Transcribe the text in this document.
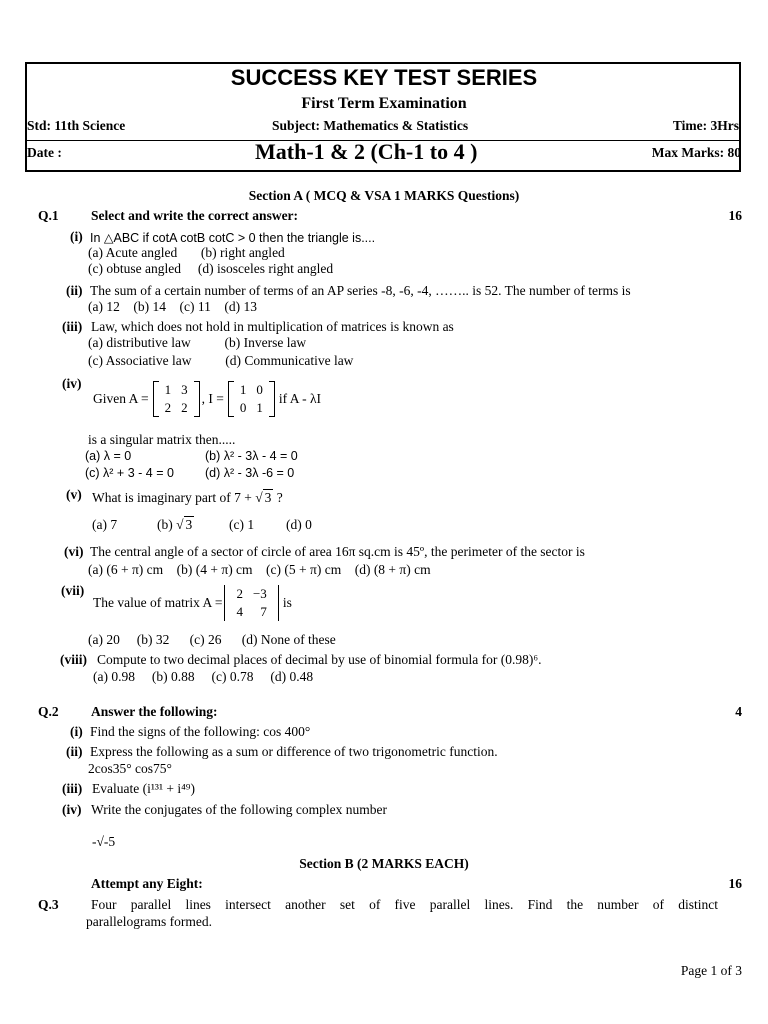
SUCCESS KEY TEST SERIES
First Term Examination
Std: 11th Science	Subject: Mathematics & Statistics	Time: 3Hrs
Date :	Math-1 & 2 (Ch-1 to 4 )	Max Marks: 80
Section A ( MCQ & VSA 1 MARKS Questions)
Q.1 Select and write the correct answer:	16
(i) In △ABC if cotA cotB cotC > 0 then the triangle is....
(a) Acute angled       (b) right angled
(c) obtuse angled     (d) isosceles right angled
(ii) The sum of a certain number of terms of an AP series -8, -6, -4, …….. is 52. The number of terms is
(a) 12    (b) 14    (c) 11    (d) 13
(iii) Law, which does not hold in multiplication of matrices is known as
(a) distributive law          (b) Inverse law
(c) Associative law          (d) Communicative law
(iv)
Given A =
1	3
2	2
, I =
1	0
0	1
if A - λI
is a singular matrix then.....
(a) λ = 0	(b) λ² - 3λ - 4 = 0
(c) λ² + 3 - 4 = 0 (d) λ² - 3λ -6 = 0
(v) What is imaginary part of 7 + √ 3 ?
(a) 7	(b) √ 3	(c) 1 (d) 0
(vi) The central angle of a sector of circle of area 16π sq.cm is 45º, the perimeter of the sector is
(a) (6 + π) cm    (b) (4 + π) cm    (c) (5 + π) cm    (d) (8 + π) cm
(vii)
The value of matrix A =
2	−3
4	7
is
(a) 20     (b) 32      (c) 26      (d) None of these
(viii) Compute to two decimal places of decimal by use of binomial formula for (0.98)⁶.
(a) 0.98     (b) 0.88     (c) 0.78     (d) 0.48
Q.2 Answer the following:	4
(i) Find the signs of the following: cos 400°
(ii) Express the following as a sum or difference of two trigonometric function.
2cos35° cos75°
(iii) Evaluate (i¹³¹ + i⁴⁹)
(iv) Write the conjugates of the following complex number
-√-5
Section B (2 MARKS EACH)
Attempt any Eight:	16
Q.3 Four parallel lines intersect another set of five parallel lines. Find the number of distinct
parallelograms formed.
Page 1 of 3
